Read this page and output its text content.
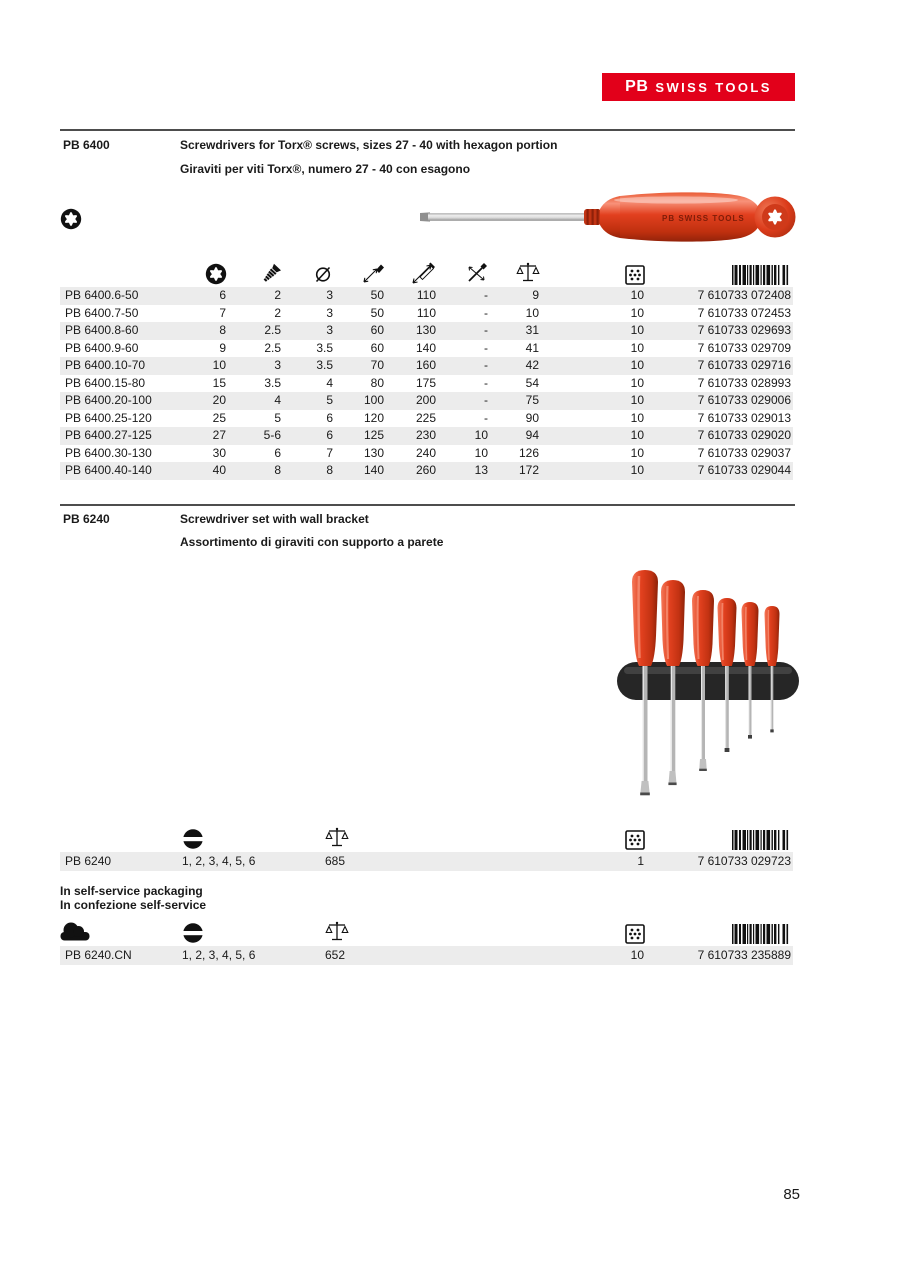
PB SWISS TOOLS
PB 6400	Screwdrivers for Torx® screws, sizes 27 - 40 with hexagon portion
Giraviti per viti Torx®, numero 27 - 40 con esagono
PB SWISS TOOLS
PB 6400.6-50	6	2	3	50	110	-	9	10	7 610733 072408
PB 6400.7-50	7	2	3	50	110	-	10	10	7 610733 072453
PB 6400.8-60	8	2.5	3	60	130	-	31	10	7 610733 029693
PB 6400.9-60	9	2.5	3.5	60	140	-	41	10	7 610733 029709
PB 6400.10-70	10	3	3.5	70	160	-	42	10	7 610733 029716
PB 6400.15-80	15	3.5	4	80	175	-	54	10	7 610733 028993
PB 6400.20-100	20	4	5	100	200	-	75	10	7 610733 029006
PB 6400.25-120	25	5	6	120	225	-	90	10	7 610733 029013
PB 6400.27-125	27	5-6	6	125	230	10	94	10	7 610733 029020
PB 6400.30-130	30	6	7	130	240	10	126	10	7 610733 029037
PB 6400.40-140	40	8	8	140	260	13	172	10	7 610733 029044
PB 6240	Screwdriver set with wall bracket
Assortimento di giraviti con supporto a parete
PB 6240	1, 2, 3, 4, 5, 6	685	1	7 610733 029723
In self-service packaging
In confezione self-service
PB 6240.CN	1, 2, 3, 4, 5, 6	652	10	7 610733 235889
85
